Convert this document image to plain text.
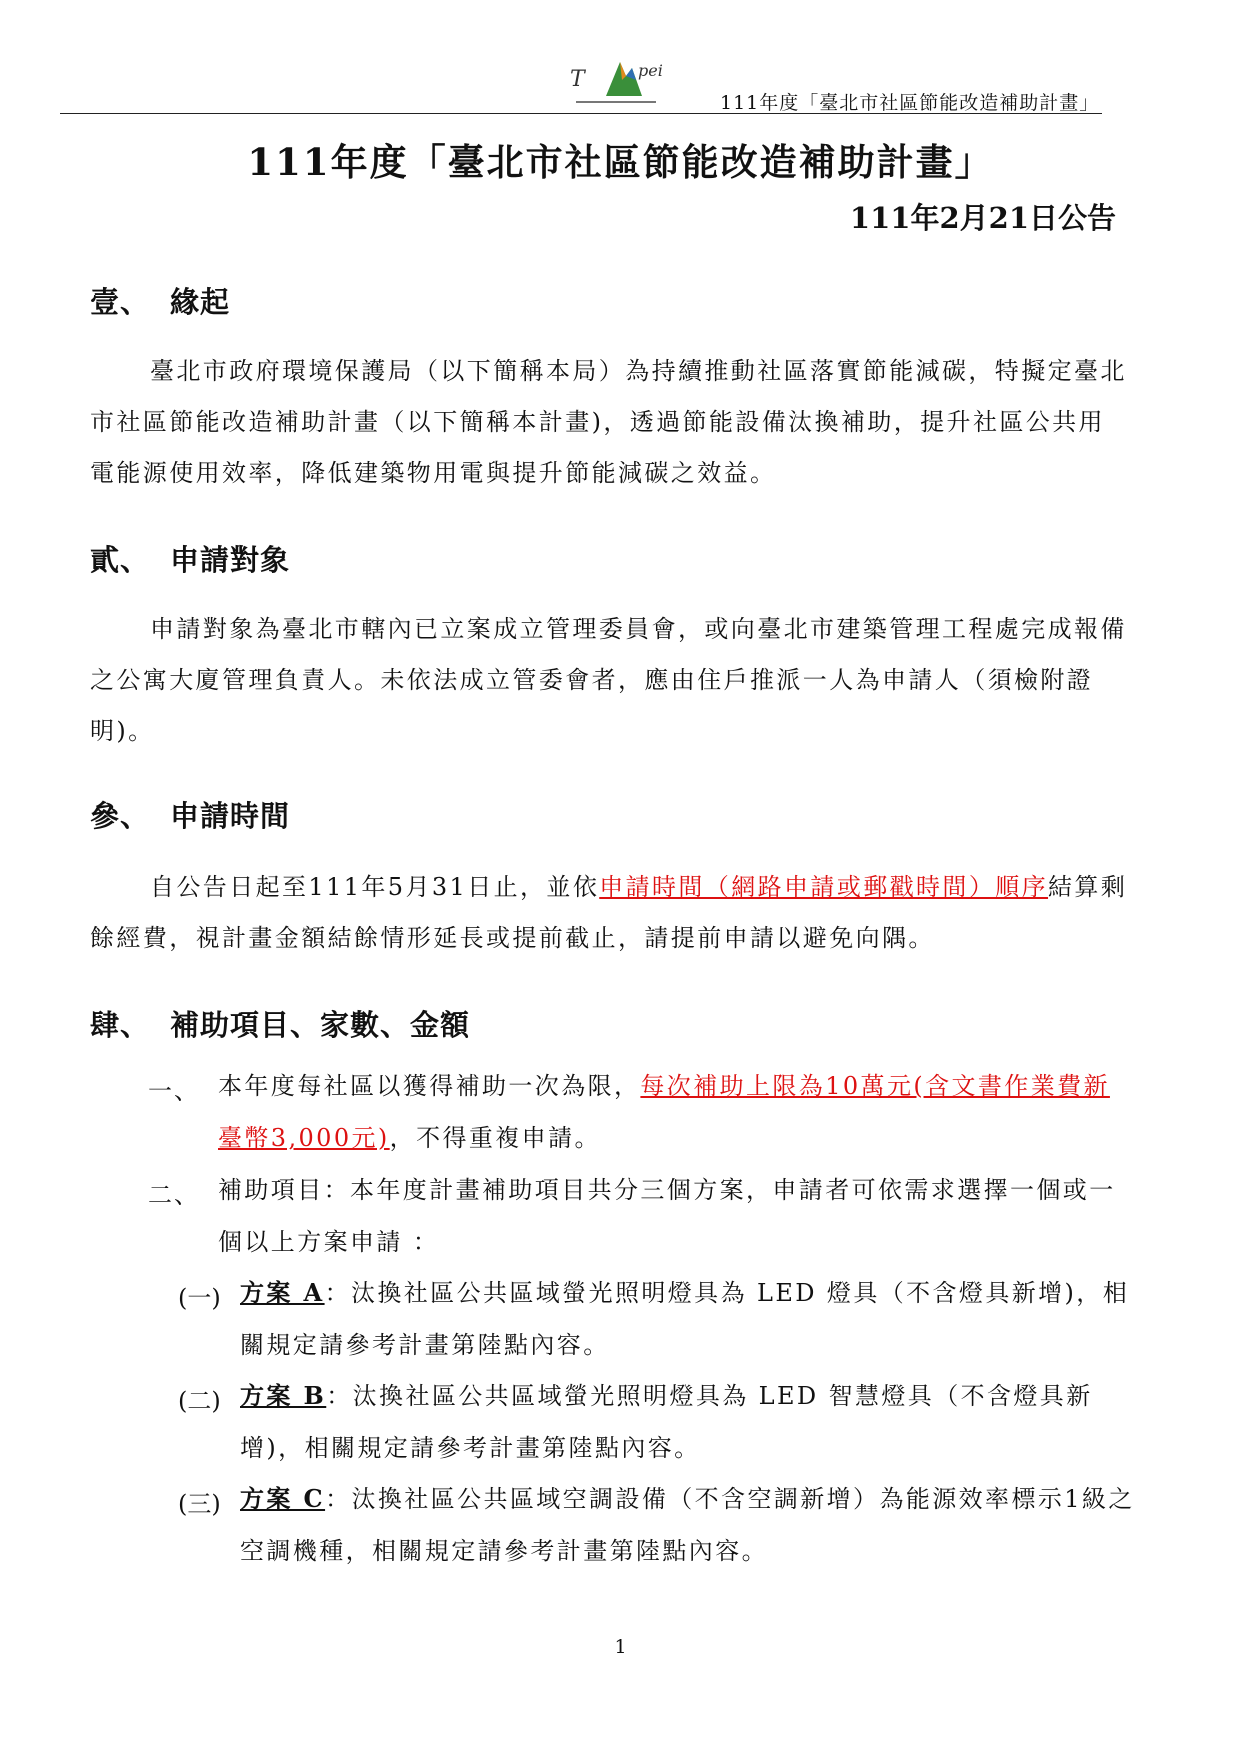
T	pei
111年度「臺北市社區節能改造補助計畫」
111年度「臺北市社區節能改造補助計畫」
111年2月21日公告
壹、 緣起
臺北市政府環境保護局（以下簡稱本局）為持續推動社區落實節能減碳，特擬定臺北市社區節能改造補助計畫（以下簡稱本計畫)，透過節能設備汰換補助，提升社區公共用電能源使用效率，降低建築物用電與提升節能減碳之效益。
貳、 申請對象
申請對象為臺北市轄內已立案成立管理委員會，或向臺北市建築管理工程處完成報備之公寓大廈管理負責人。未依法成立管委會者，應由住戶推派一人為申請人（須檢附證明)。
參、 申請時間
自公告日起至111年5月31日止，並依申請時間（網路申請或郵戳時間）順序結算剩餘經費，視計畫金額結餘情形延長或提前截止，請提前申請以避免向隅。
肆、 補助項目、家數、金額
一、 本年度每社區以獲得補助一次為限，每次補助上限為10萬元(含文書作業費新臺幣3,000元)，不得重複申請。
二、 補助項目：本年度計畫補助項目共分三個方案，申請者可依需求選擇一個或一個以上方案申請 ：
(一) 方案 A：汰換社區公共區域螢光照明燈具為 LED 燈具（不含燈具新增)，相關規定請參考計畫第陸點內容。
(二) 方案 B：汰換社區公共區域螢光照明燈具為 LED 智慧燈具（不含燈具新增)，相關規定請參考計畫第陸點內容。
(三) 方案 C：汰換社區公共區域空調設備（不含空調新增）為能源效率標示1級之空調機種，相關規定請參考計畫第陸點內容。
1
